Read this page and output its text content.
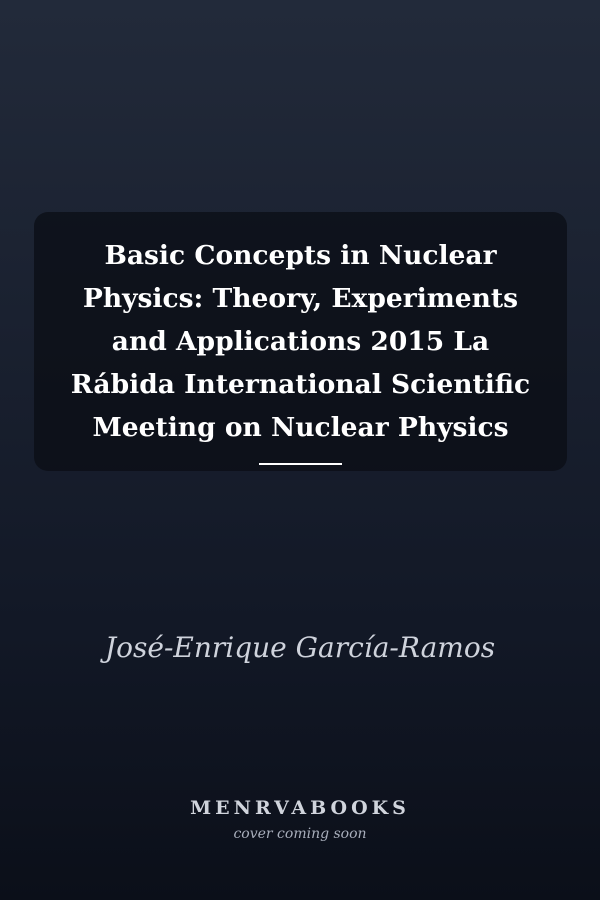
Basic Concepts in Nuclear Physics: Theory, Experiments and Applications 2015 La Rábida International Scientific Meeting on Nuclear Physics
José-Enrique García-Ramos
MENRVABOOKS
cover coming soon
